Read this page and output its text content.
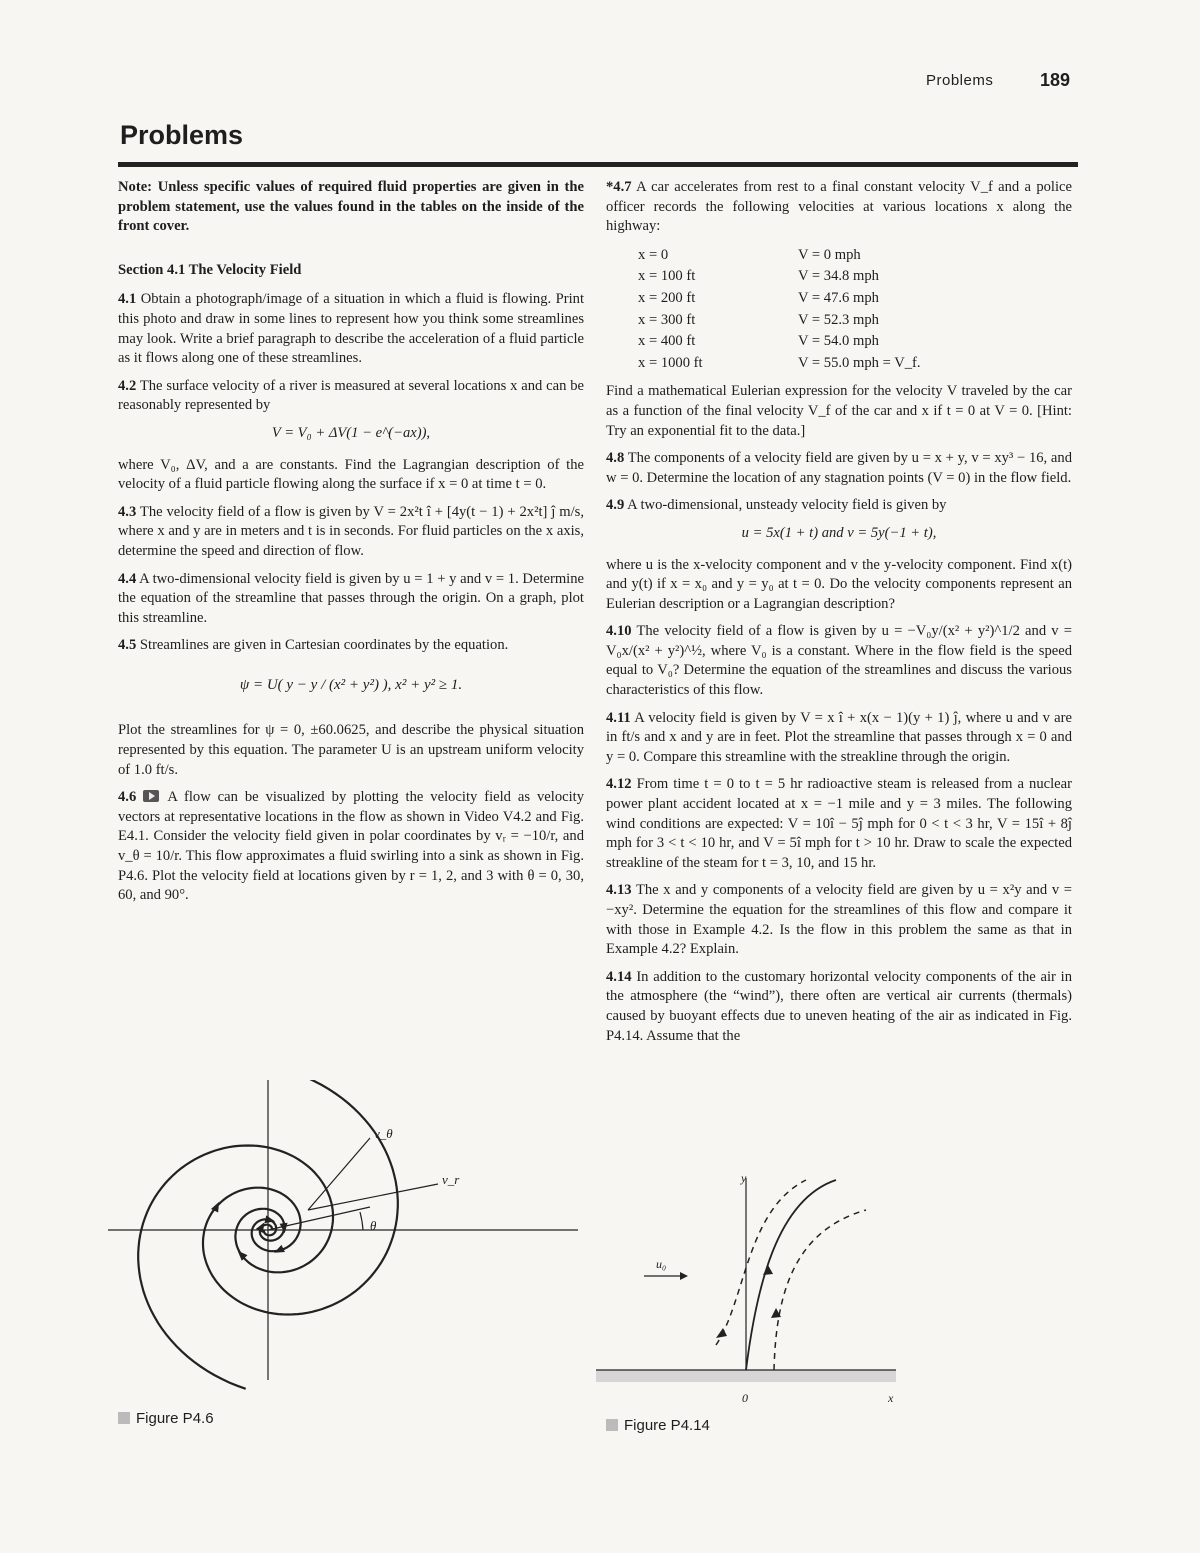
Problems	189
Problems

Note: Unless specific values of required fluid properties are given in the problem statement, use the values found in the tables on the inside of the front cover.

Section 4.1 The Velocity Field

4.1 Obtain a photograph/image of a situation in which a fluid is flowing. Print this photo and draw in some lines to represent how you think some streamlines may look. Write a brief paragraph to describe the acceleration of a fluid particle as it flows along one of these streamlines.

4.2 The surface velocity of a river is measured at several locations x and can be reasonably represented by

V = V₀ + ΔV(1 − e^(−ax)),

where V₀, ΔV, and a are constants. Find the Lagrangian description of the velocity of a fluid particle flowing along the surface if x = 0 at time t = 0.

4.3 The velocity field of a flow is given by V = 2x²t î + [4y(t − 1) + 2x²t] ĵ m/s, where x and y are in meters and t is in seconds. For fluid particles on the x axis, determine the speed and direction of flow.

4.4 A two-dimensional velocity field is given by u = 1 + y and v = 1. Determine the equation of the streamline that passes through the origin. On a graph, plot this streamline.

4.5 Streamlines are given in Cartesian coordinates by the equation.

ψ = U( y − y / (x² + y²) ), x² + y² ≥ 1.

Plot the streamlines for ψ = 0, ±60.0625, and describe the physical situation represented by this equation. The parameter U is an upstream uniform velocity of 1.0 ft/s.

4.6 A flow can be visualized by plotting the velocity field as velocity vectors at representative locations in the flow as shown in Video V4.2 and Fig. E4.1. Consider the velocity field given in polar coordinates by vᵣ = −10/r, and v_θ = 10/r. This flow approximates a fluid swirling into a sink as shown in Fig. P4.6. Plot the velocity field at locations given by r = 1, 2, and 3 with θ = 0, 30, 60, and 90°.

*4.7 A car accelerates from rest to a final constant velocity V_f and a police officer records the following velocities at various locations x along the highway:

x = 0	V = 0 mph
x = 100 ft	V = 34.8 mph
x = 200 ft	V = 47.6 mph
x = 300 ft	V = 52.3 mph
x = 400 ft	V = 54.0 mph
x = 1000 ft	V = 55.0 mph = V_f.

Find a mathematical Eulerian expression for the velocity V traveled by the car as a function of the final velocity V_f of the car and x if t = 0 at V = 0. [Hint: Try an exponential fit to the data.]

4.8 The components of a velocity field are given by u = x + y, v = xy³ − 16, and w = 0. Determine the location of any stagnation points (V = 0) in the flow field.

4.9 A two-dimensional, unsteady velocity field is given by

u = 5x(1 + t) and v = 5y(−1 + t),

where u is the x-velocity component and v the y-velocity component. Find x(t) and y(t) if x = x₀ and y = y₀ at t = 0. Do the velocity components represent an Eulerian description or a Lagrangian description?

4.10 The velocity field of a flow is given by u = −V₀y/(x² + y²)^1/2 and v = V₀x/(x² + y²)^½, where V₀ is a constant. Where in the flow field is the speed equal to V₀? Determine the equation of the streamlines and discuss the various characteristics of this flow.

4.11 A velocity field is given by V = x î + x(x − 1)(y + 1) ĵ, where u and v are in ft/s and x and y are in feet. Plot the streamline that passes through x = 0 and y = 0. Compare this streamline with the streakline through the origin.

4.12 From time t = 0 to t = 5 hr radioactive steam is released from a nuclear power plant accident located at x = −1 mile and y = 3 miles. The following wind conditions are expected: V = 10î − 5ĵ mph for 0 < t < 3 hr, V = 15î + 8ĵ mph for 3 < t < 10 hr, and V = 5î mph for t > 10 hr. Draw to scale the expected streakline of the steam for t = 3, 10, and 15 hr.

4.13 The x and y components of a velocity field are given by u = x²y and v = −xy². Determine the equation for the streamlines of this flow and compare it with those in Example 4.2. Is the flow in this problem the same as that in Example 4.2? Explain.

4.14 In addition to the customary horizontal velocity components of the air in the atmosphere (the “wind”), there often are vertical air currents (thermals) caused by buoyant effects due to uneven heating of the air as indicated in Fig. P4.14. Assume that the

v_θ
v_r
θ
Figure P4.6
y
u₀
0	x
Figure P4.14
